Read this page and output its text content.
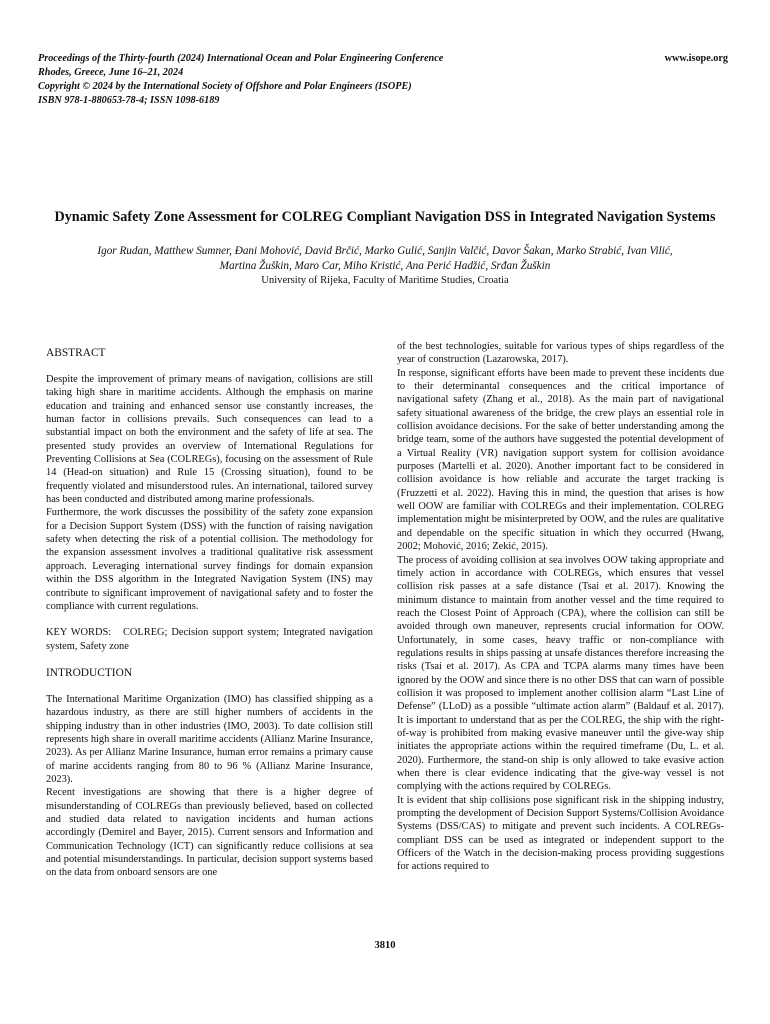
Proceedings of the Thirty-fourth (2024) International Ocean and Polar Engineering Conference
Rhodes, Greece, June 16–21, 2024
Copyright © 2024 by the International Society of Offshore and Polar Engineers (ISOPE)
ISBN 978-1-880653-78-4; ISSN 1098-6189
www.isope.org
Dynamic Safety Zone Assessment for COLREG Compliant Navigation DSS in Integrated Navigation Systems
Igor Rudan, Matthew Sumner, Đani Mohović, David Brčić, Marko Gulić, Sanjin Valčić, Davor Šakan, Marko Strabić, Ivan Vilić,
Martina Žuškin, Maro Car, Miho Kristić, Ana Perić Hadžić, Srđan Žuškin
University of Rijeka, Faculty of Maritime Studies, Croatia
ABSTRACT

Despite the improvement of primary means of navigation, collisions are still taking high share in maritime accidents. Although the emphasis on marine education and training and enhanced sensor use constantly increases, the human factor in collisions prevails. Such consequences can lead to a substantial impact on both the environment and the safety of life at sea. The presented study provides an overview of International Regulations for Preventing Collisions at Sea (COLREGs), focusing on the assessment of Rule 14 (Head-on situation) and Rule 15 (Crossing situation), found to be frequently violated and misunderstood rules. An international, tailored survey has been conducted and distributed among marine professionals.

Furthermore, the work discusses the possibility of the safety zone expansion for a Decision Support System (DSS) with the function of raising navigation safety when detecting the risk of a potential collision. The methodology for the expansion assessment involves a traditional qualitative risk assessment approach. Leveraging international survey findings for domain expansion within the DSS algorithm in the Integrated Navigation System (INS) may contribute to significant improvement of navigational safety and to foster the compliance with current regulations.

KEY WORDS: COLREG; Decision support system; Integrated navigation system, Safety zone

INTRODUCTION

The International Maritime Organization (IMO) has classified shipping as a hazardous industry, as there are still higher numbers of accidents in the shipping industry than in other industries (IMO, 2003). To date collision still represents high share in overall maritime accidents (Allianz Marine Insurance, 2023). As per Allianz Marine Insurance, human error remains a primary cause of marine accidents ranging from 80 to 96 % (Allianz Marine Insurance, 2023).

Recent investigations are showing that there is a higher degree of misunderstanding of COLREGs than previously believed, based on collected and studied data related to navigation incidents and human actions accordingly (Demirel and Bayer, 2015). Current sensors and Information and Communication Technology (ICT) can significantly reduce collisions at sea and potential misunderstandings. In particular, decision support systems based on the data from onboard sensors are one

of the best technologies, suitable for various types of ships regardless of the year of construction (Lazarowska, 2017).

In response, significant efforts have been made to prevent these incidents due to their determinantal consequences and the critical importance of navigational safety (Zhang et al., 2018). As the main part of navigational safety situational awareness of the bridge, the crew plays an essential role in collision avoidance decisions. For the sake of better understanding among the bridge team, some of the authors have suggested the potential development of a Virtual Reality (VR) navigation support system for collision avoidance purposes (Martelli et al. 2020). Another important fact to be considered in collision avoidance is how reliable and accurate the target tracking is (Fruzzetti et al. 2022). Having this in mind, the question that arises is how well OOW are familiar with COLREGs and their implementation. COLREG implementation might be misinterpreted by OOW, and the rules are qualitative and dependable on the specific situation in which they occurred (Hwang, 2002; Mohović, 2016; Zekić, 2015).

The process of avoiding collision at sea involves OOW taking appropriate and timely action in accordance with COLREGs, which ensures that vessel collision risk passes at a safe distance (Tsai et al. 2017). Knowing the minimum distance to maintain from another vessel and the time required to reach the Closest Point of Approach (CPA), where the collision can still be avoided through own maneuver, represents crucial information for OOW. Unfortunately, in some cases, heavy traffic or non-compliance with regulations results in ships passing at unsafe distances therefore increasing the risks (Tsai et al. 2017). As CPA and TCPA alarms many times have been ignored by the OOW and since there is no other DSS that can warn of possible collision it was proposed to implement another collision alarm “Last Line of Defense” (LLoD) as a possible “ultimate action alarm” (Baldauf et al. 2017). It is important to understand that as per the COLREG, the ship with the right-of-way is prohibited from making evasive maneuver until the give-way ship initiates the appropriate actions within the required timeframe (Du, L. et al. 2020). Furthermore, the stand-on ship is only allowed to take evasive action when there is clear evidence indicating that the give-way vessel is not complying with the actions required by COLREGs.

It is evident that ship collisions pose significant risk in the shipping industry, prompting the development of Decision Support Systems/Collision Avoidance Systems (DSS/CAS) to mitigate and prevent such incidents. A COLREGs-compliant DSS can be used as integrated or independent support to the Officers of the Watch in the decision-making process providing suggestions for actions required to

3810
